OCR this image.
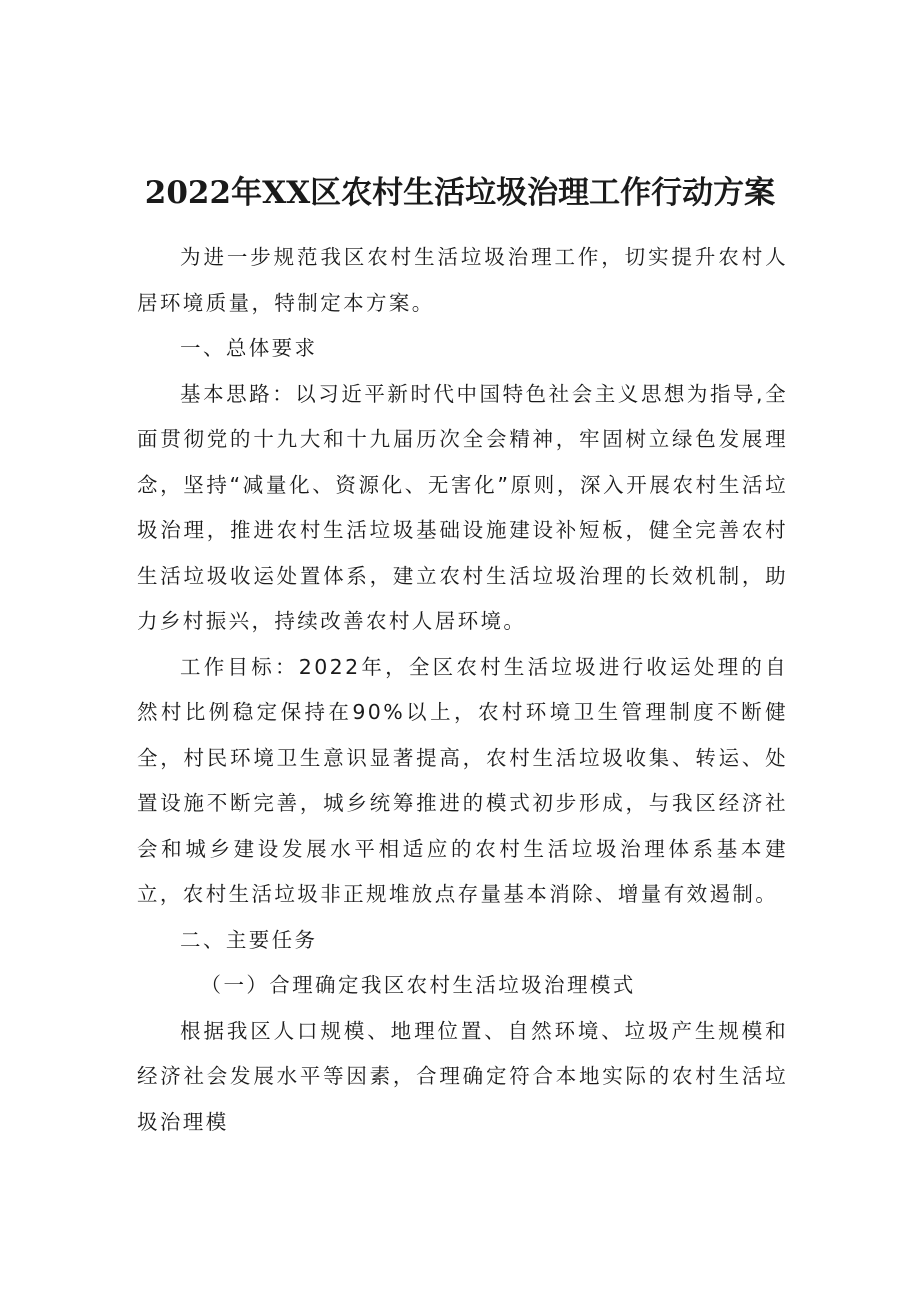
2022年XX区农村生活垃圾治理工作行动方案

为进一步规范我区农村生活垃圾治理工作，切实提升农村人居环境质量，特制定本方案。

一、总体要求

基本思路：以习近平新时代中国特色社会主义思想为指导,全面贯彻党的十九大和十九届历次全会精神，牢固树立绿色发展理念，坚持“减量化、资源化、无害化”原则，深入开展农村生活垃圾治理，推进农村生活垃圾基础设施建设补短板，健全完善农村生活垃圾收运处置体系，建立农村生活垃圾治理的长效机制，助力乡村振兴，持续改善农村人居环境。

工作目标：2022年，全区农村生活垃圾进行收运处理的自然村比例稳定保持在90%以上，农村环境卫生管理制度不断健全，村民环境卫生意识显著提高，农村生活垃圾收集、转运、处置设施不断完善，城乡统筹推进的模式初步形成，与我区经济社会和城乡建设发展水平相适应的农村生活垃圾治理体系基本建立，农村生活垃圾非正规堆放点存量基本消除、增量有效遏制。

二、主要任务

（一）合理确定我区农村生活垃圾治理模式

根据我区人口规模、地理位置、自然环境、垃圾产生规模和经济社会发展水平等因素，合理确定符合本地实际的农村生活垃圾治理模
